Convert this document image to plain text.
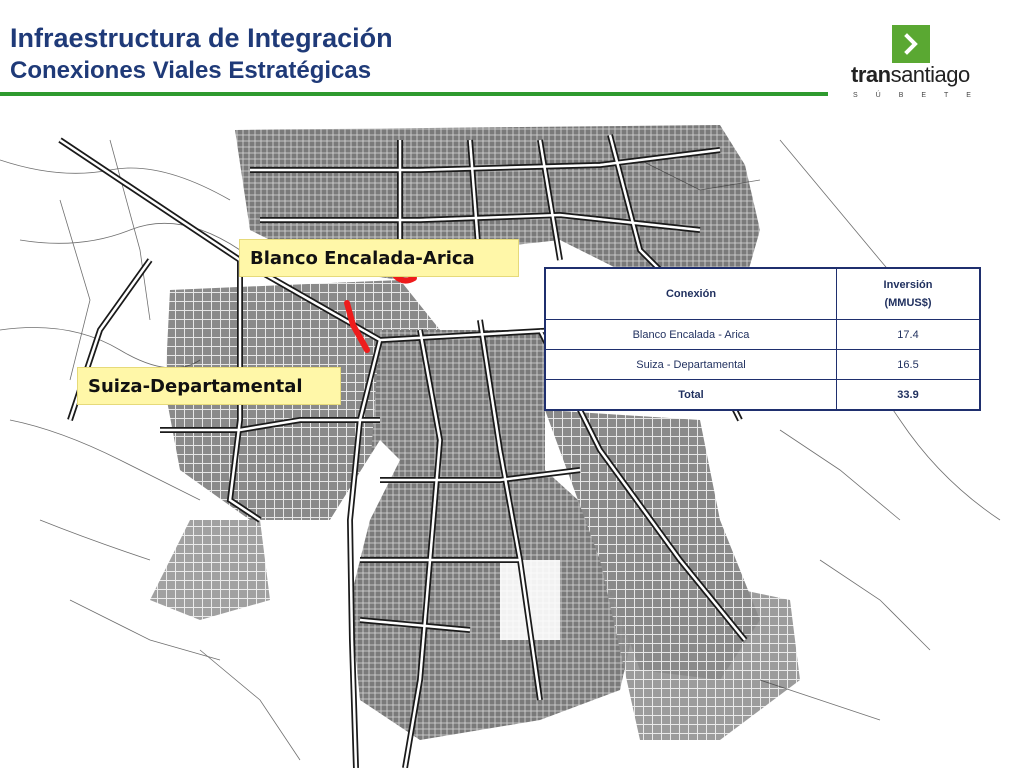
Infraestructura de Integración
Conexiones Viales Estratégicas	transantiago
S	Ú	B	E	T	E
Blanco Encalada-Arica
Suiza-Departamental
Conexión	Inversión
(MMUS$)

Blanco Encalada - Arica	17.4
Suiza - Departamental	16.5
Total	33.9
